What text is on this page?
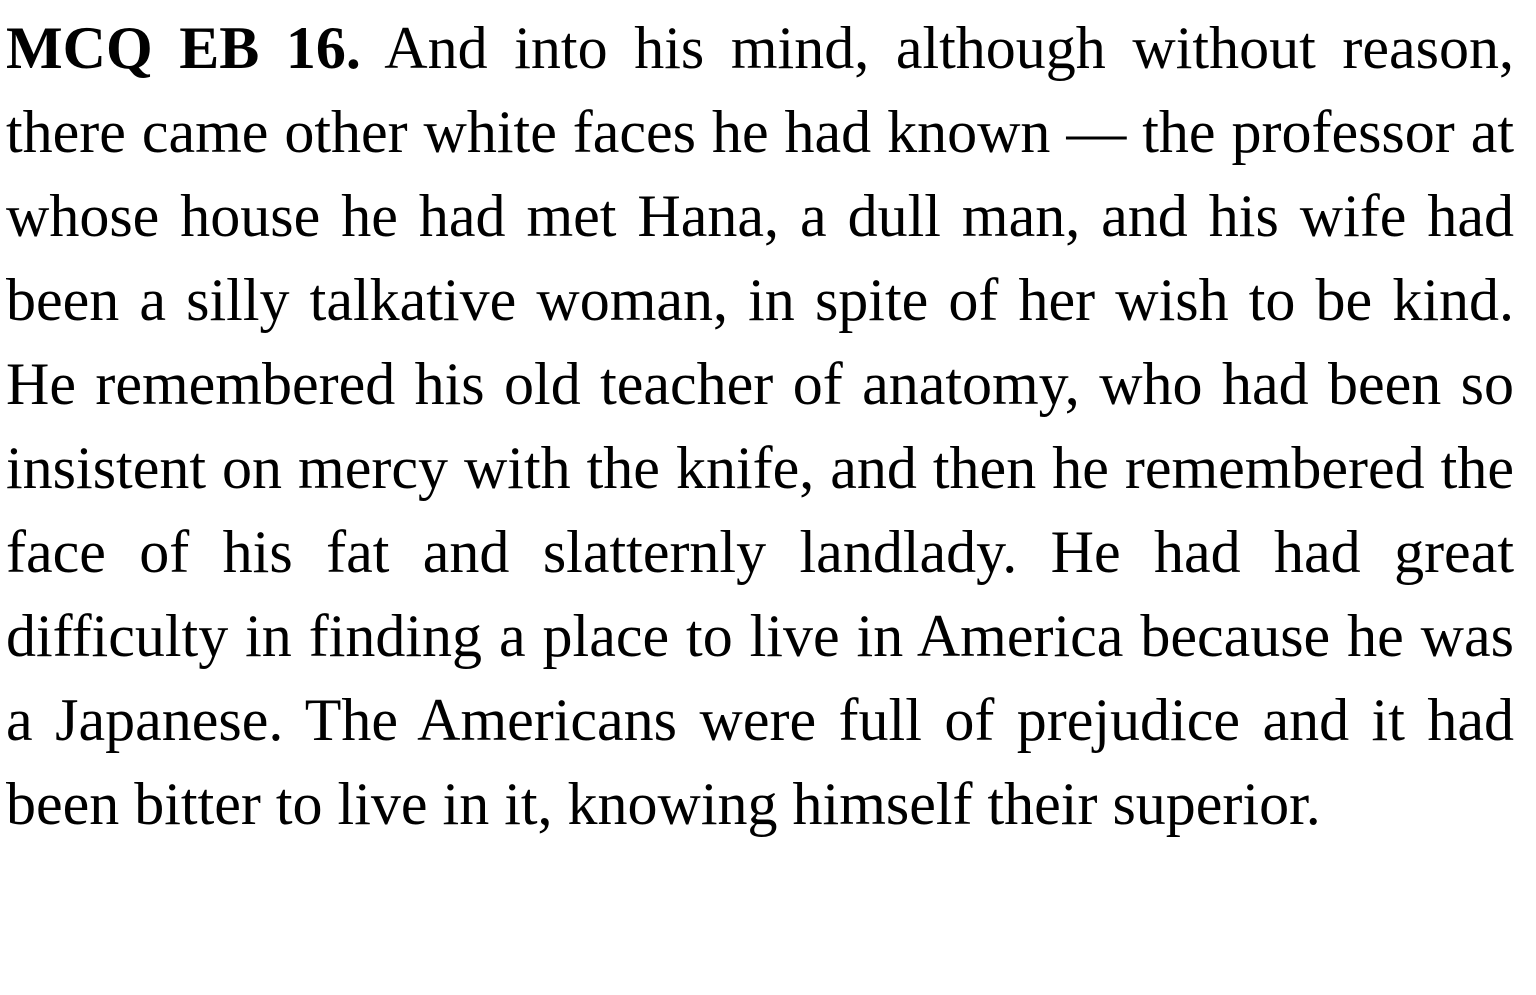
MCQ EB 16. And into his mind, although without reason, there came other white faces he had known — the professor at whose house he had met Hana, a dull man, and his wife had been a silly talkative woman, in spite of her wish to be kind. He remembered his old teacher of anatomy, who had been so insistent on mercy with the knife, and then he remembered the face of his fat and slatternly landlady. He had had great difficulty in finding a place to live in America because he was a Japanese. The Americans were full of prejudice and it had been bitter to live in it, knowing himself their superior.
